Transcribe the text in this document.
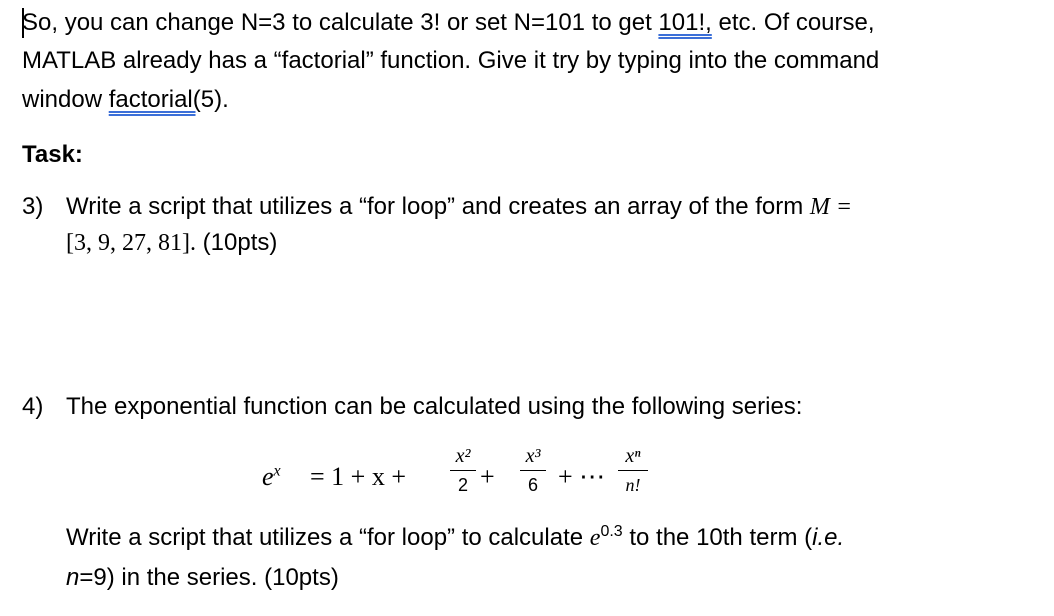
So, you can change N=3 to calculate 3! or set N=101 to get 101!, etc. Of course,
MATLAB already has a “factorial” function. Give it try by typing into the command
window factorial(5).
Task:
3) Write a script that utilizes a “for loop” and creates an array of the form M =
[3, 9, 27, 81]. (10pts)
4) The exponential function can be calculated using the following series:
$e^x = 1 + x$ +
x²
2 +
x³
6 + ⋯
xⁿ
n!
Write a script that utilizes a “for loop” to calculate $e^{0.3}$ to the 10th term (i.e.
n=9) in the series. (10pts)
